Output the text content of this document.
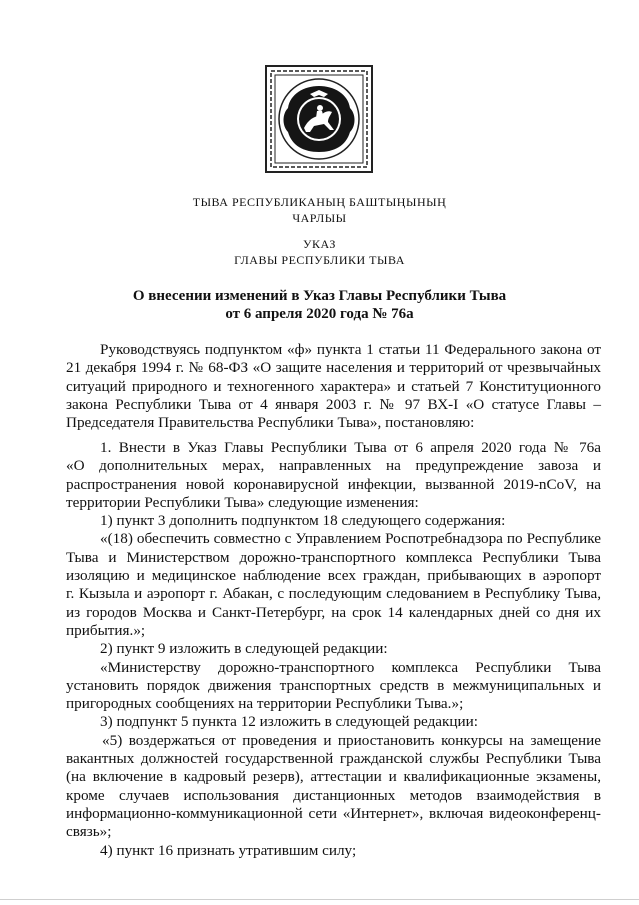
ТЫВА РЕСПУБЛИКАНЫҢ БАШТЫҢЫНЫҢ
ЧАРЛЫЫ
УКАЗ
ГЛАВЫ РЕСПУБЛИКИ ТЫВА
О внесении изменений в Указ Главы Республики Тыва
от 6 апреля 2020 года № 76а
Руководствуясь подпунктом «ф» пункта 1 статьи 11 Федерального закона от
21 декабря 1994 г. № 68-ФЗ «О защите населения и территорий от чрезвычайных
ситуаций природного и техногенного характера» и статьей 7 Конституционного
закона Республики Тыва от 4 января 2003 г. № 97 ВХ-I «О статусе Главы –
Председателя Правительства Республики Тыва», постановляю:
1. Внести в Указ Главы Республики Тыва от 6 апреля 2020 года № 76а
«О дополнительных мерах, направленных на предупреждение завоза и
распространения новой коронавирусной инфекции, вызванной 2019-nCoV, на
территории Республики Тыва» следующие изменения:
1) пункт 3 дополнить подпунктом 18 следующего содержания:
«(18) обеспечить совместно с Управлением Роспотребнадзора по Республике
Тыва и Министерством дорожно-транспортного комплекса Республики Тыва
изоляцию и медицинское наблюдение всех граждан, прибывающих в аэропорт
г. Кызыла и аэропорт г. Абакан, с последующим следованием в Республику Тыва,
из городов Москва и Санкт-Петербург, на срок 14 календарных дней со дня их
прибытия.»;
2) пункт 9 изложить в следующей редакции:
«Министерству дорожно-транспортного комплекса Республики Тыва
установить порядок движения транспортных средств в межмуниципальных и
пригородных сообщениях на территории Республики Тыва.»;
3) подпункт 5 пункта 12 изложить в следующей редакции:
«5) воздержаться от проведения и приостановить конкурсы на замещение
вакантных должностей государственной гражданской службы Республики Тыва
(на включение в кадровый резерв), аттестации и квалификационные экзамены,
кроме случаев использования дистанционных методов взаимодействия в
информационно-коммуникационной сети «Интернет», включая видеоконференц-
связь»;
4) пункт 16 признать утратившим силу;
